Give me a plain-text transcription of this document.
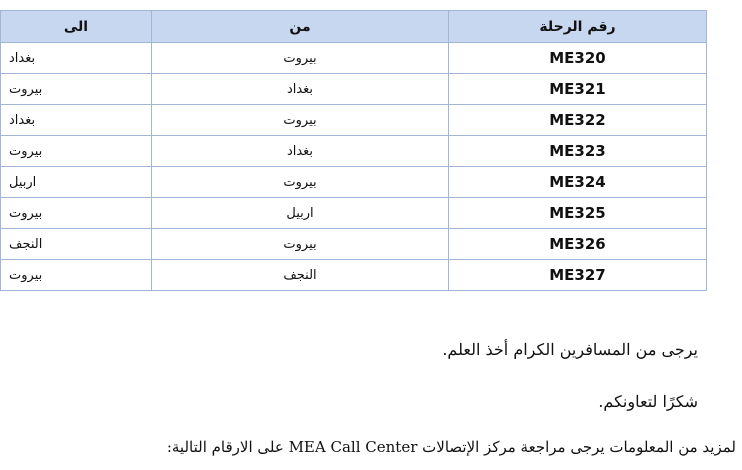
رقم الرحلة	من	الى
ME320	بيروت	بغداد
ME321	بغداد	بيروت
ME322	بيروت	بغداد
ME323	بغداد	بيروت
ME324	بيروت	اربيل
ME325	اربيل	بيروت
ME326	بيروت	النجف
ME327	النجف	بيروت
يرجى من المسافرين الكرام أخذ العلم.
شكرًا لتعاونكم.
لمزيد من المعلومات يرجى مراجعة مركز الإتصالات MEA Call Center على الارقام التالية:
